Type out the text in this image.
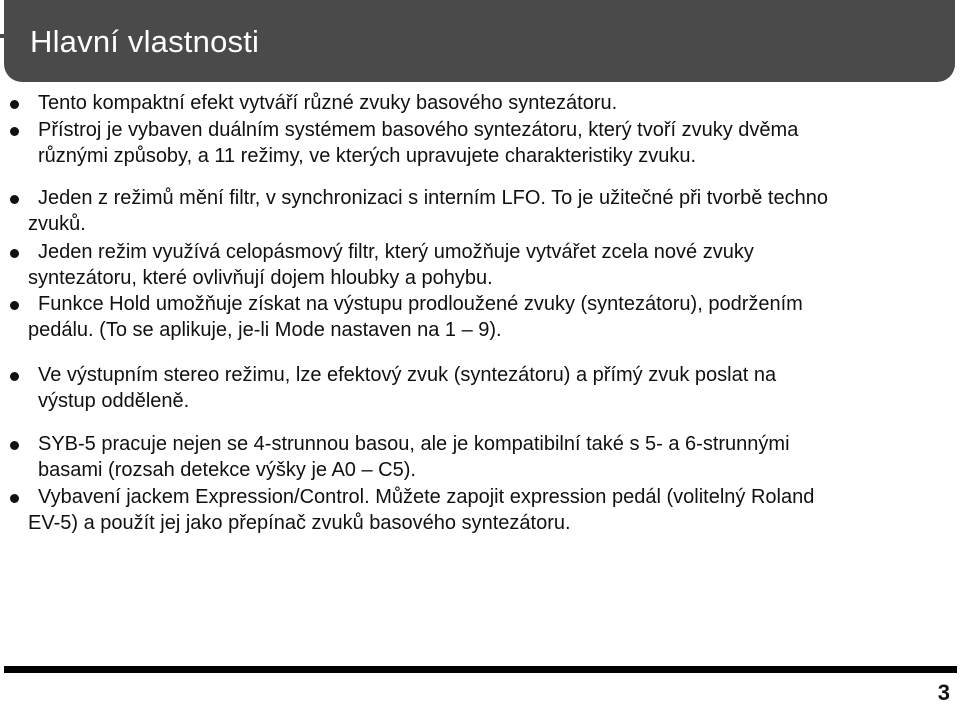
Hlavní vlastnosti

Tento kompaktní efekt vytváří různé zvuky basového syntezátoru.

Přístroj je vybaven duálním systémem basového syntezátoru, který tvoří zvuky dvěma
různými způsoby, a 11 režimy, ve kterých upravujete charakteristiky zvuku.

Jeden z režimů mění filtr, v synchronizaci s interním LFO. To je užitečné při tvorbě techno
zvuků.

Jeden režim využívá celopásmový filtr, který umožňuje vytvářet zcela nové zvuky
syntezátoru, které ovlivňují dojem hloubky a pohybu.

Funkce Hold umožňuje získat na výstupu prodloužené zvuky (syntezátoru), podržením
pedálu. (To se aplikuje, je-li Mode nastaven na 1 – 9).

Ve výstupním stereo režimu, lze efektový zvuk (syntezátoru) a přímý zvuk poslat na
výstup odděleně.

SYB-5 pracuje nejen se 4-strunnou basou, ale je kompatibilní také s 5- a 6-strunnými
basami (rozsah detekce výšky je A0 – C5).

Vybavení jackem Expression/Control. Můžete zapojit expression pedál (volitelný Roland
EV-5) a použít jej jako přepínač zvuků basového syntezátoru.

3
